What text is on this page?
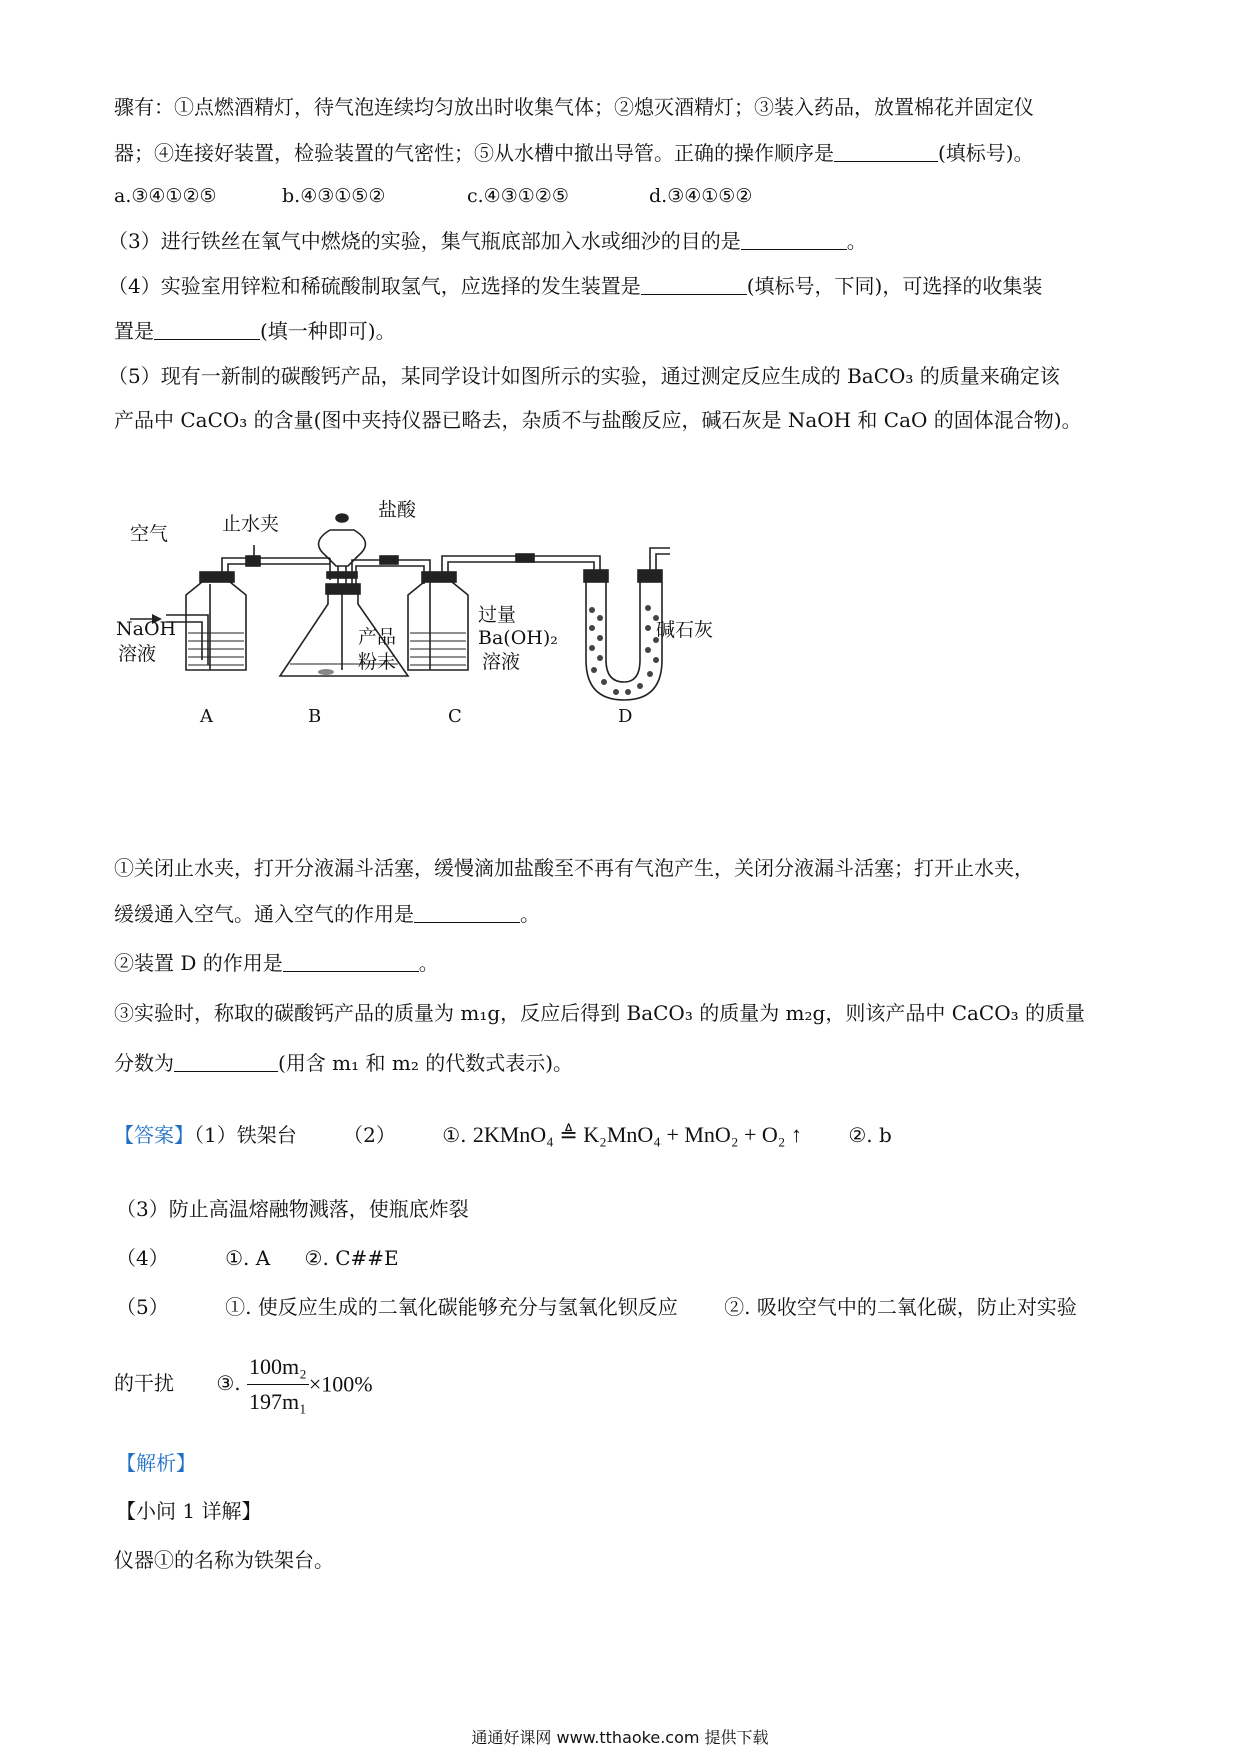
骤有：①点燃酒精灯，待气泡连续均匀放出时收集气体；②熄灭酒精灯；③装入药品，放置棉花并固定仪
器；④连接好装置，检验装置的气密性；⑤从水槽中撤出导管。正确的操作顺序是	(填标号)。
a.③④①②⑤	b.④③①⑤②	c.④③①②⑤	d.③④①⑤②
（3）进行铁丝在氧气中燃烧的实验，集气瓶底部加入水或细沙的目的是	。
（4）实验室用锌粒和稀硫酸制取氢气，应选择的发生装置是	(填标号，下同)，可选择的收集装
置是	(填一种即可)。
（5）现有一新制的碳酸钙产品，某同学设计如图所示的实验，通过测定反应生成的 BaCO₃ 的质量来确定该
产品中 CaCO₃ 的含量(图中夹持仪器已略去，杂质不与盐酸反应，碱石灰是 NaOH 和 CaO 的固体混合物)。
空气	止水夹
盐酸
NaOH
溶液
产品
粉末
过量
Ba(OH)₂
溶液
碱石灰
A	B	C	D
①关闭止水夹，打开分液漏斗活塞，缓慢滴加盐酸至不再有气泡产生，关闭分液漏斗活塞；打开止水夹，
缓缓通入空气。通入空气的作用是	。
②装置 D 的作用是	。
③实验时，称取的碳酸钙产品的质量为 m₁g，反应后得到 BaCO₃ 的质量为 m₂g，则该产品中 CaCO₃ 的质量
分数为	(用含 m₁ 和 m₂ 的代数式表示)。
【答案】（1）铁架台 （2） ①. 2KMnO₄ ≜ K₂MnO₄ + MnO₂ + O₂ ↑ ②. b
（3）防止高温熔融物溅落，使瓶底炸裂
（4）	①. A ②. C##E
（5）	①. 使反应生成的二氧化碳能够充分与氢氧化钡反应 ②. 吸收空气中的二氧化碳，防止对实验
的干扰 ③. $\frac{\text{100m₂}}{\text{197m₁}} \times 100\%$
【解析】
【小问 1 详解】
仪器①的名称为铁架台。
通通好课网 www.tthaoke.com 提供下载
